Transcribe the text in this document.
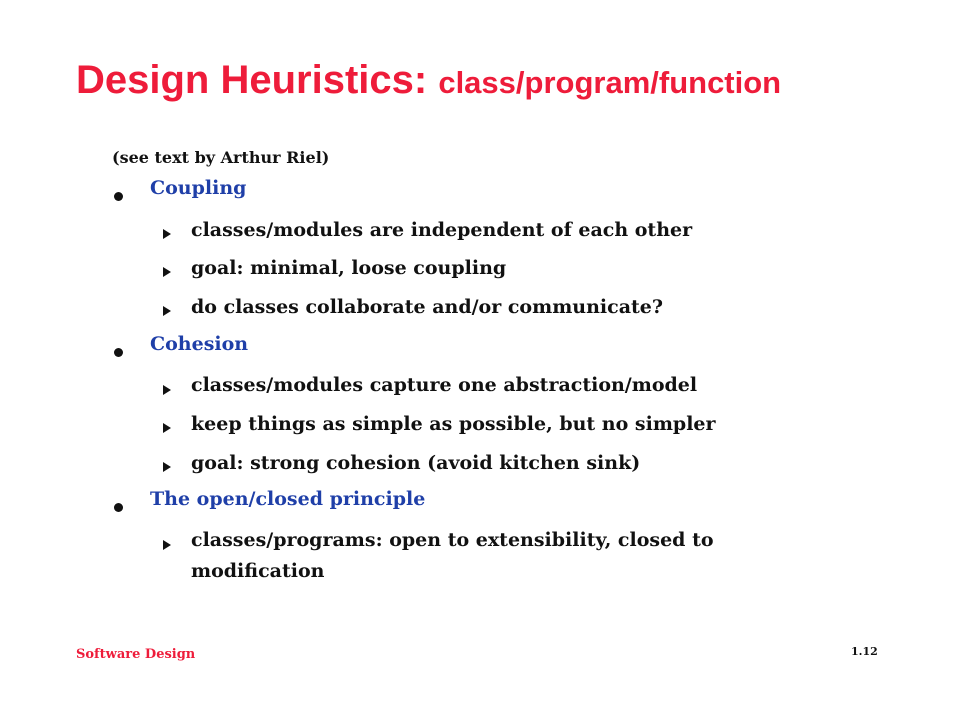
Design Heuristics: class/program/function

(see text by Arthur Riel)

Coupling

classes/modules are independent of each other

goal: minimal, loose coupling

do classes collaborate and/or communicate?

Cohesion

classes/modules capture one abstraction/model

keep things as simple as possible, but no simpler

goal: strong cohesion (avoid kitchen sink)

The open/closed principle

classes/programs: open to extensibility, closed to

modification

Software Design	1.12
